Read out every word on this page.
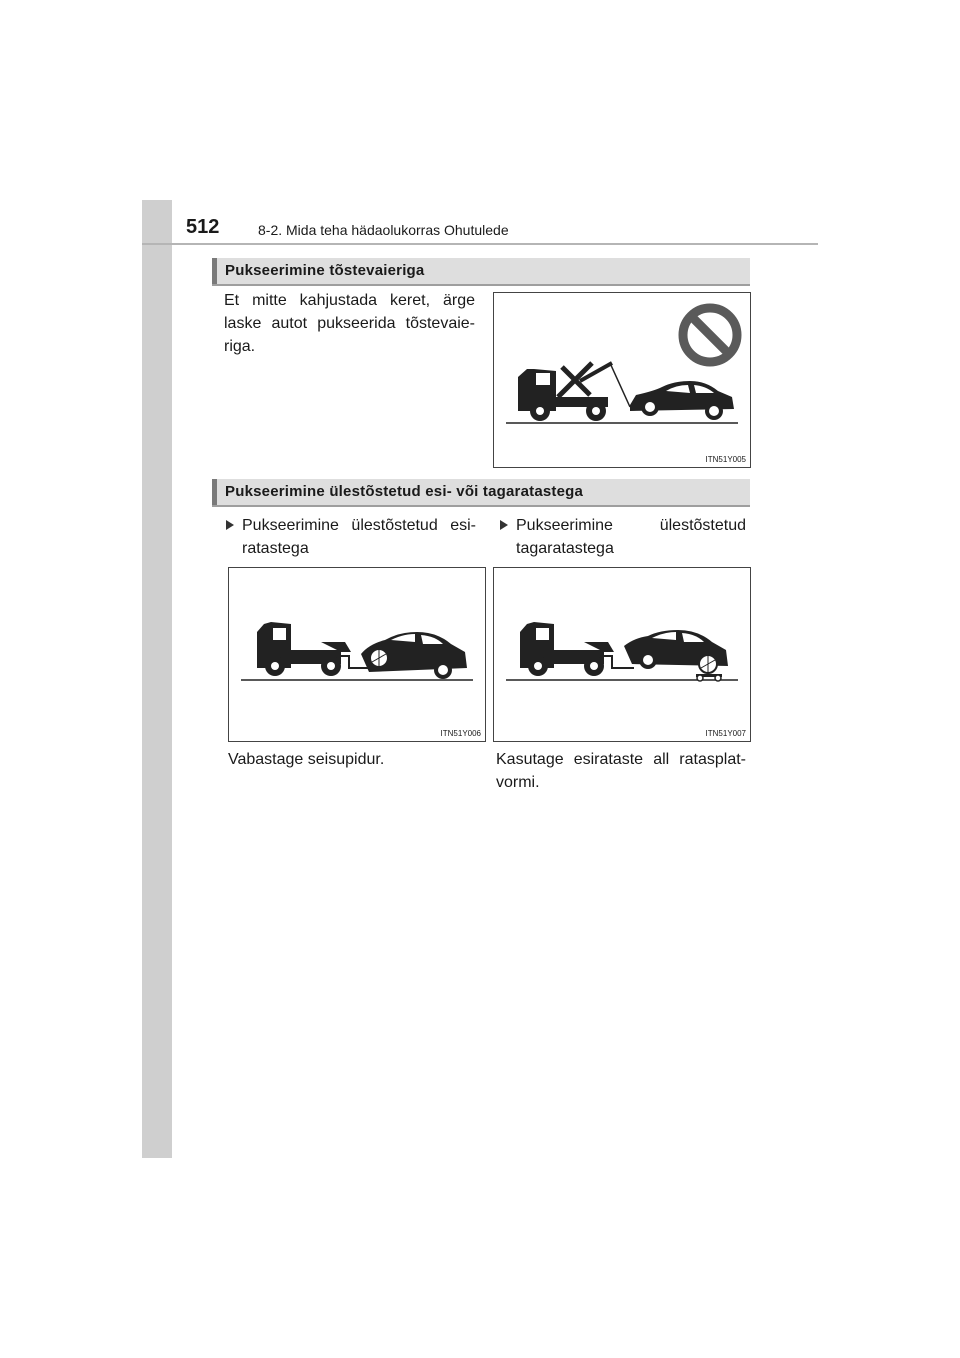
512	8-2. Mida teha hädaolukorras Ohutulede
Pukseerimine tõstevaieriga
Et mitte kahjustada keret, ärge
laske autot pukseerida tõstevaie-
riga.
ITN51Y005
Pukseerimine ülestõstetud esi- või tagaratastega
Pukseerimine ülestõstetud esi-
ratastega
Pukseerimine ülestõstetud
tagaratastega
ITN51Y006	ITN51Y007
Vabastage seisupidur.	Kasutage esirataste all ratasplat-
vormi.
